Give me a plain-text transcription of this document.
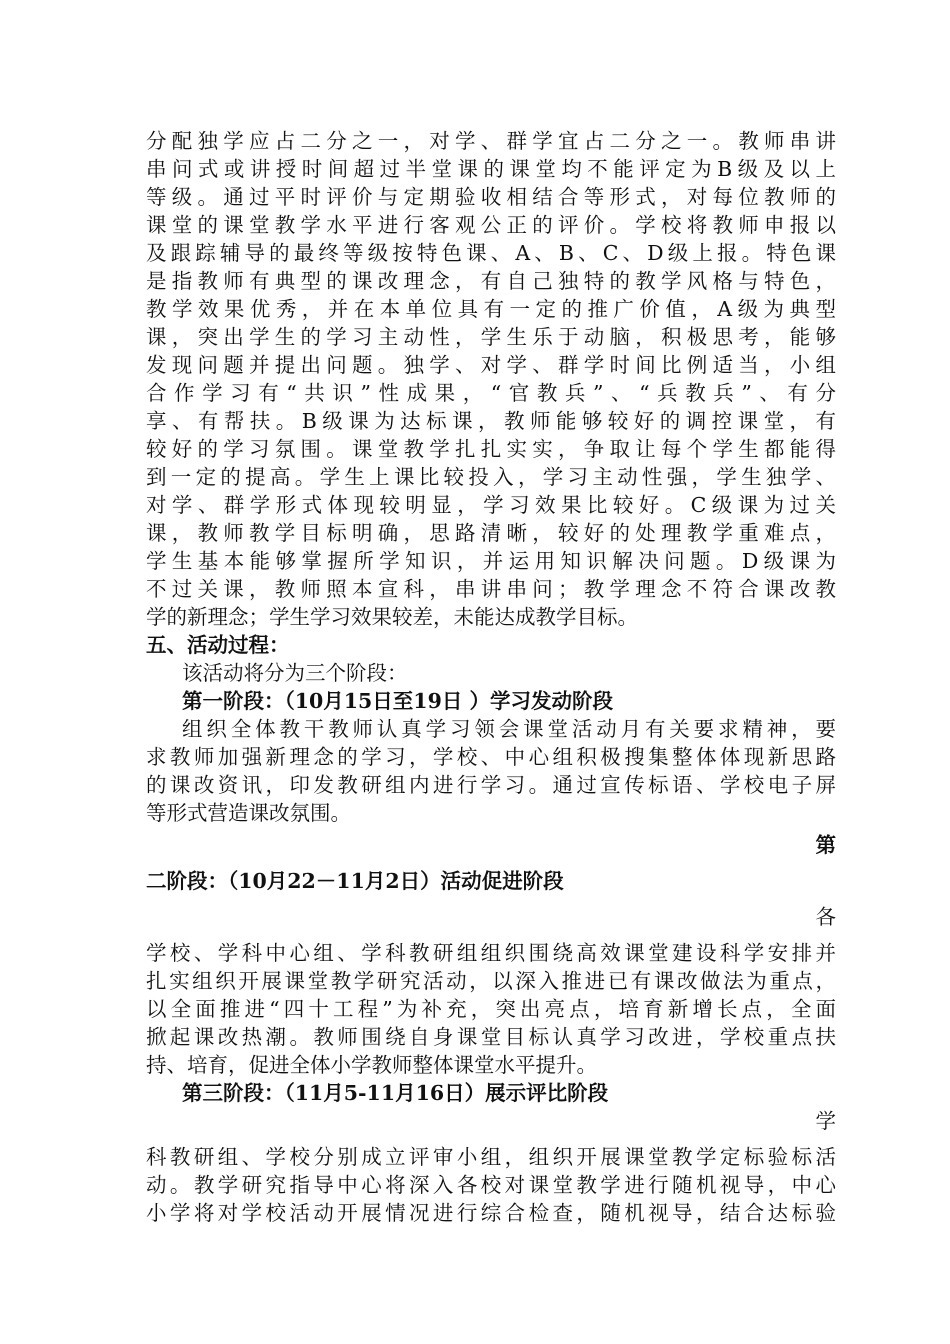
分配独学应占二分之一，对学、群学宜占二分之一。教师串讲
串问式或讲授时间超过半堂课的课堂均不能评定为B级及以上
等级。通过平时评价与定期验收相结合等形式，对每位教师的
课堂的课堂教学水平进行客观公正的评价。学校将教师申报以
及跟踪辅导的最终等级按特色课、A、B、C、D级上报。特色课
是指教师有典型的课改理念，有自己独特的教学风格与特色，
教学效果优秀，并在本单位具有一定的推广价值，A级为典型
课，突出学生的学习主动性，学生乐于动脑，积极思考，能够
发现问题并提出问题。独学、对学、群学时间比例适当，小组
合作学习有“共识”性成果，“官教兵”、“兵教兵”、有分
享、有帮扶。B级课为达标课，教师能够较好的调控课堂，有
较好的学习氛围。课堂教学扎扎实实，争取让每个学生都能得
到一定的提高。学生上课比较投入，学习主动性强，学生独学、
对学、群学形式体现较明显，学习效果比较好。C级课为过关
课，教师教学目标明确，思路清晰，较好的处理教学重难点，
学生基本能够掌握所学知识，并运用知识解决问题。D级课为
不过关课，教师照本宣科，串讲串问；教学理念不符合课改教
学的新理念；学生学习效果较差，未能达成教学目标。
五、活动过程：
该活动将分为三个阶段：
第一阶段：（10月15日至19日 ）学习发动阶段
组织全体教干教师认真学习领会课堂活动月有关要求精神，要
求教师加强新理念的学习，学校、中心组积极搜集整体体现新思路
的课改资讯，印发教研组内进行学习。通过宣传标语、学校电子屏
等形式营造课改氛围。
第
二阶段：（10月22－11月2日）活动促进阶段
各
学校、学科中心组、学科教研组组织围绕高效课堂建设科学安排并
扎实组织开展课堂教学研究活动，以深入推进已有课改做法为重点，
以全面推进“四十工程”为补充，突出亮点，培育新增长点，全面
掀起课改热潮。教师围绕自身课堂目标认真学习改进，学校重点扶
持、培育，促进全体小学教师整体课堂水平提升。
第三阶段：（11月5-11月16日）展示评比阶段
学
科教研组、学校分别成立评审小组，组织开展课堂教学定标验标活
动。教学研究指导中心将深入各校对课堂教学进行随机视导，中心
小学将对学校活动开展情况进行综合检查，随机视导，结合达标验
